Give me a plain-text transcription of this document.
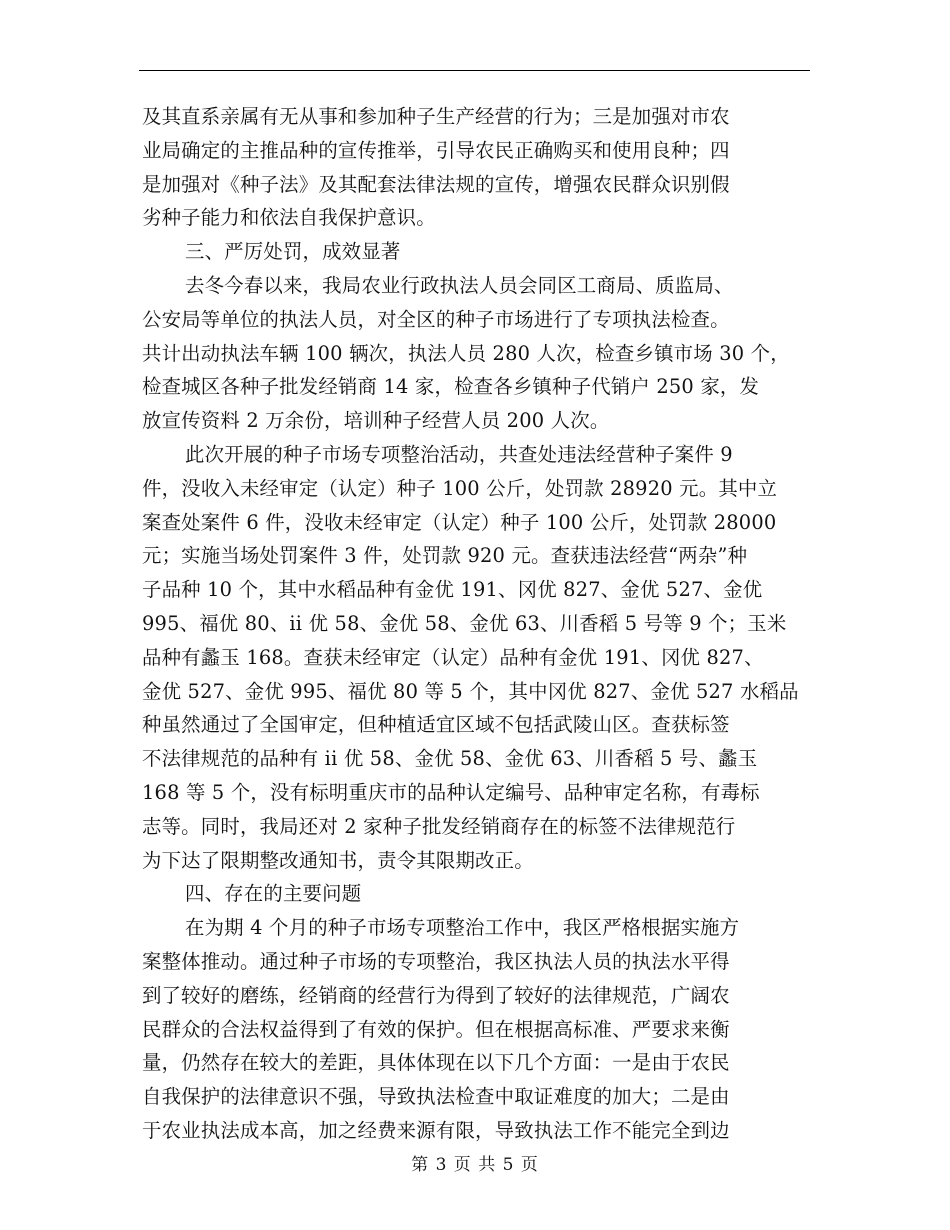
及其直系亲属有无从事和参加种子生产经营的行为；三是加强对市农
业局确定的主推品种的宣传推举，引导农民正确购买和使用良种；四
是加强对《种子法》及其配套法律法规的宣传，增强农民群众识别假
劣种子能力和依法自我保护意识。
三、严厉处罚，成效显著
去冬今春以来，我局农业行政执法人员会同区工商局、质监局、
公安局等单位的执法人员，对全区的种子市场进行了专项执法检查。
共计出动执法车辆 100 辆次，执法人员 280 人次，检查乡镇市场 30 个，
检查城区各种子批发经销商 14 家，检查各乡镇种子代销户 250 家，发
放宣传资料 2 万余份，培训种子经营人员 200 人次。
此次开展的种子市场专项整治活动，共查处违法经营种子案件 9
件，没收入未经审定（认定）种子 100 公斤，处罚款 28920 元。其中立
案查处案件 6 件，没收未经审定（认定）种子 100 公斤，处罚款 28000
元；实施当场处罚案件 3 件，处罚款 920 元。查获违法经营“两杂”种
子品种 10 个，其中水稻品种有金优 191、冈优 827、金优 527、金优
995、福优 80、ii 优 58、金优 58、金优 63、川香稻 5 号等 9 个；玉米
品种有蠡玉 168。查获未经审定（认定）品种有金优 191、冈优 827、
金优 527、金优 995、福优 80 等 5 个，其中冈优 827、金优 527 水稻品
种虽然通过了全国审定，但种植适宜区域不包括武陵山区。查获标签
不法律规范的品种有 ii 优 58、金优 58、金优 63、川香稻 5 号、蠡玉
168 等 5 个，没有标明重庆市的品种认定编号、品种审定名称，有毒标
志等。同时，我局还对 2 家种子批发经销商存在的标签不法律规范行
为下达了限期整改通知书，责令其限期改正。
四、存在的主要问题
在为期 4 个月的种子市场专项整治工作中，我区严格根据实施方
案整体推动。通过种子市场的专项整治，我区执法人员的执法水平得
到了较好的磨练，经销商的经营行为得到了较好的法律规范，广阔农
民群众的合法权益得到了有效的保护。但在根据高标准、严要求来衡
量，仍然存在较大的差距，具体体现在以下几个方面：一是由于农民
自我保护的法律意识不强，导致执法检查中取证难度的加大；二是由
于农业执法成本高，加之经费来源有限，导致执法工作不能完全到边
第 3 页 共 5 页
